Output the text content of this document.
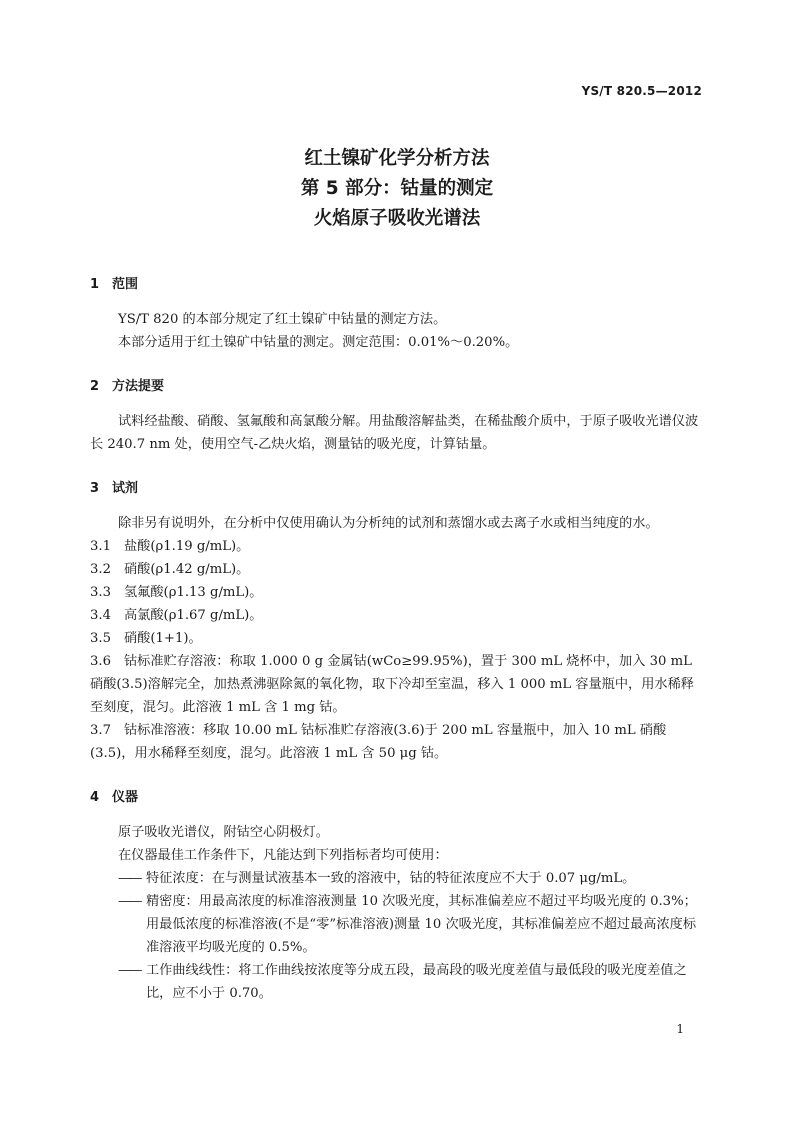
YS/T 820.5—2012
红土镍矿化学分析方法
第 5 部分：钴量的测定
火焰原子吸收光谱法
1 范围
YS/T 820 的本部分规定了红土镍矿中钴量的测定方法。
本部分适用于红土镍矿中钴量的测定。测定范围：0.01%～0.20%。
2 方法提要
试料经盐酸、硝酸、氢氟酸和高氯酸分解。用盐酸溶解盐类，在稀盐酸介质中，于原子吸收光谱仪波长 240.7 nm 处，使用空气-乙炔火焰，测量钴的吸光度，计算钴量。
3 试剂
除非另有说明外，在分析中仅使用确认为分析纯的试剂和蒸馏水或去离子水或相当纯度的水。
3.1 盐酸(ρ1.19 g/mL)。
3.2 硝酸(ρ1.42 g/mL)。
3.3 氢氟酸(ρ1.13 g/mL)。
3.4 高氯酸(ρ1.67 g/mL)。
3.5 硝酸(1+1)。
3.6 钴标准贮存溶液：称取 1.000 0 g 金属钴(wCo≥99.95%)，置于 300 mL 烧杯中，加入 30 mL 硝酸(3.5)溶解完全，加热煮沸驱除氮的氧化物，取下冷却至室温，移入 1 000 mL 容量瓶中，用水稀释至刻度，混匀。此溶液 1 mL 含 1 mg 钴。
3.7 钴标准溶液：移取 10.00 mL 钴标准贮存溶液(3.6)于 200 mL 容量瓶中，加入 10 mL 硝酸(3.5)，用水稀释至刻度，混匀。此溶液 1 mL 含 50 μg 钴。
4 仪器
原子吸收光谱仪，附钴空心阴极灯。
在仪器最佳工作条件下，凡能达到下列指标者均可使用：
—— 特征浓度：在与测量试液基本一致的溶液中，钴的特征浓度应不大于 0.07 μg/mL。
—— 精密度：用最高浓度的标准溶液测量 10 次吸光度，其标准偏差应不超过平均吸光度的 0.3%；用最低浓度的标准溶液(不是“零”标准溶液)测量 10 次吸光度，其标准偏差应不超过最高浓度标准溶液平均吸光度的 0.5%。
—— 工作曲线线性：将工作曲线按浓度等分成五段，最高段的吸光度差值与最低段的吸光度差值之比，应不小于 0.70。
1
